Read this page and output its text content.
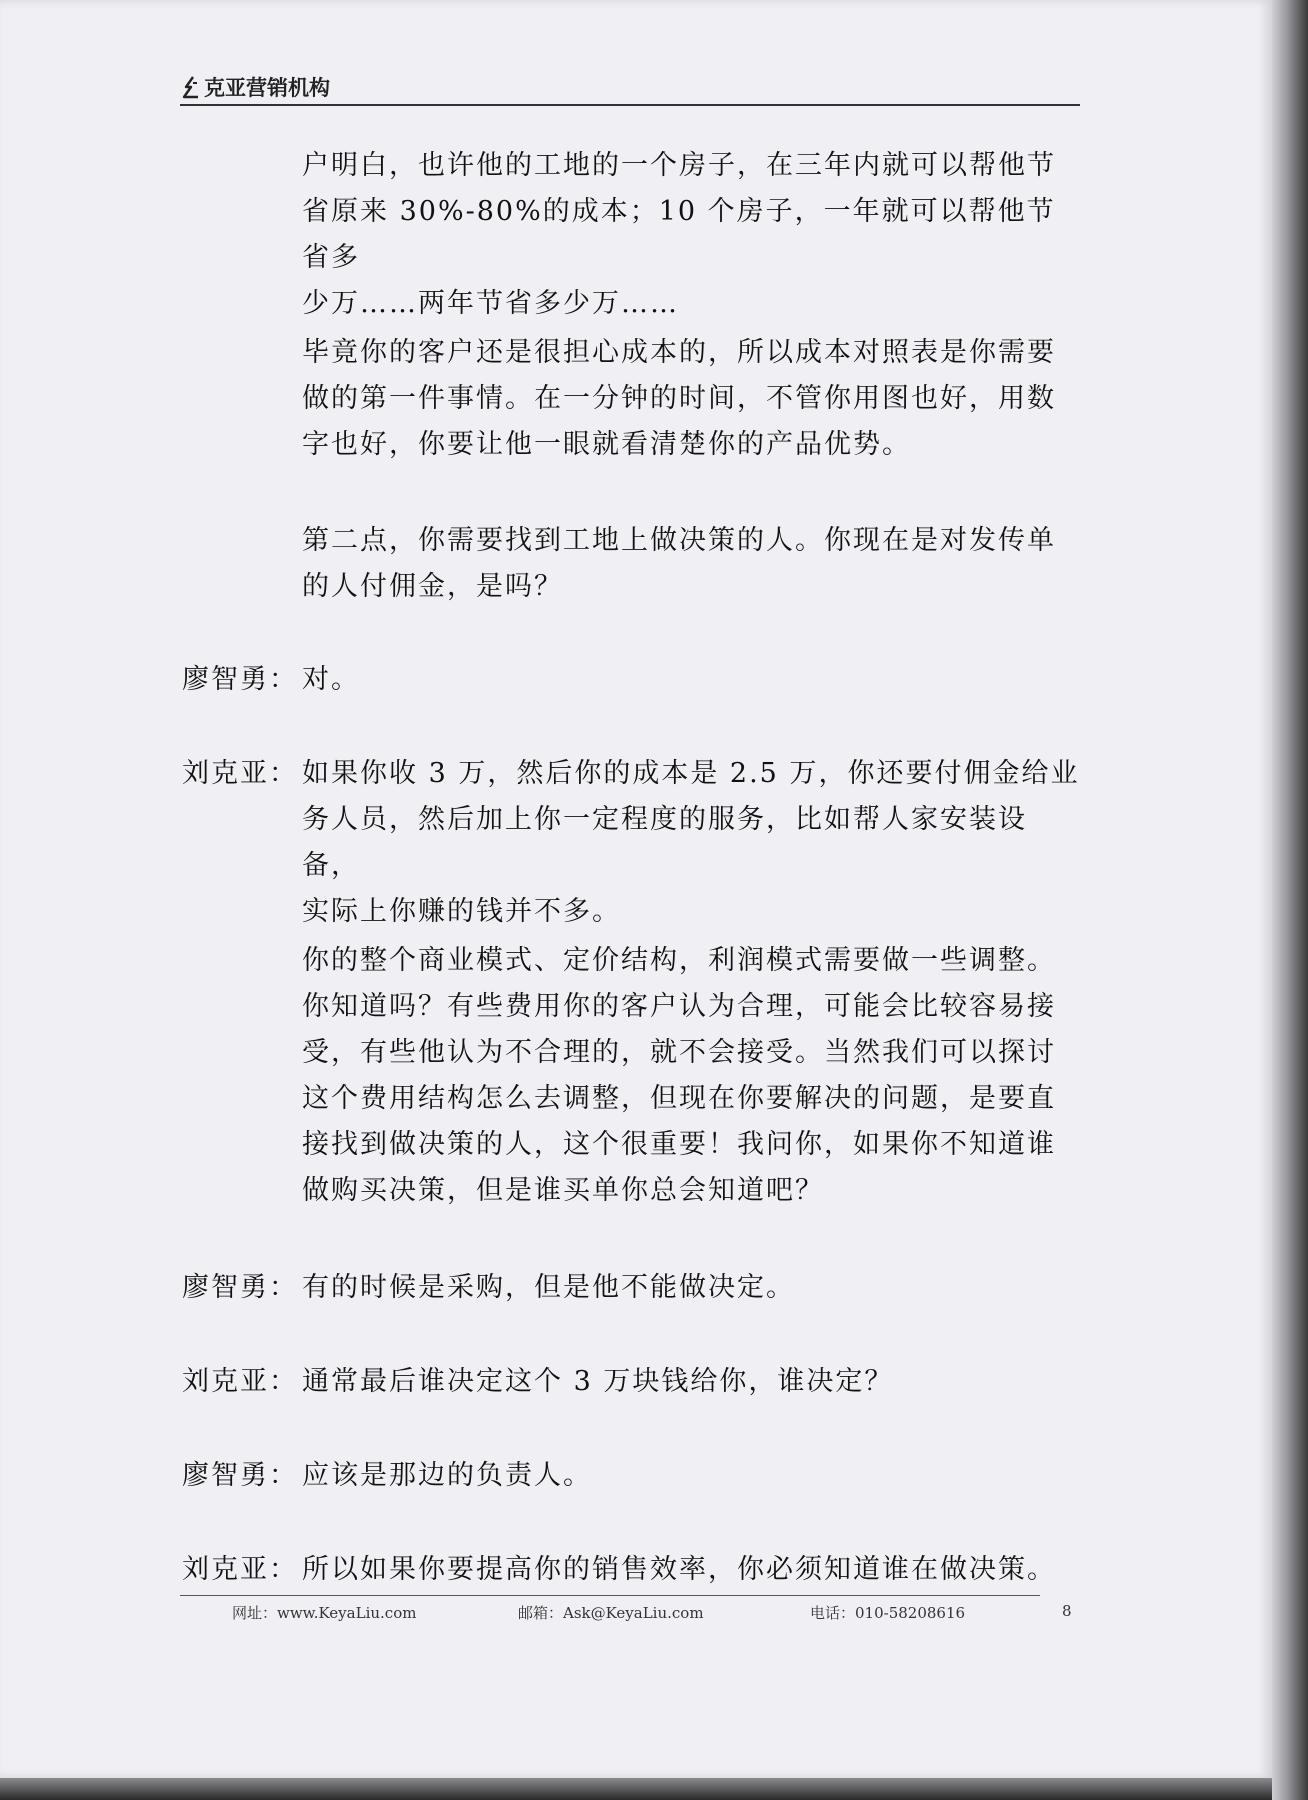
克亚营销机构
户明白，也许他的工地的一个房子，在三年内就可以帮他节
省原来 30%-80%的成本；10 个房子，一年就可以帮他节省多
少万……两年节省多少万……
毕竟你的客户还是很担心成本的，所以成本对照表是你需要
做的第一件事情。在一分钟的时间，不管你用图也好，用数
字也好，你要让他一眼就看清楚你的产品优势。
第二点，你需要找到工地上做决策的人。你现在是对发传单
的人付佣金，是吗？
廖智勇： 对。
刘克亚： 如果你收 3 万，然后你的成本是 2.5 万，你还要付佣金给业
务人员，然后加上你一定程度的服务，比如帮人家安装设备，
实际上你赚的钱并不多。
你的整个商业模式、定价结构，利润模式需要做一些调整。
你知道吗？有些费用你的客户认为合理，可能会比较容易接
受，有些他认为不合理的，就不会接受。当然我们可以探讨
这个费用结构怎么去调整，但现在你要解决的问题，是要直
接找到做决策的人，这个很重要！我问你，如果你不知道谁
做购买决策，但是谁买单你总会知道吧？
廖智勇： 有的时候是采购，但是他不能做决定。
刘克亚： 通常最后谁决定这个 3 万块钱给你，谁决定？
廖智勇： 应该是那边的负责人。
刘克亚： 所以如果你要提高你的销售效率，你必须知道谁在做决策。
网址：www.KeyaLiu.com	邮箱：Ask@KeyaLiu.com	电话：010-58208616	8
